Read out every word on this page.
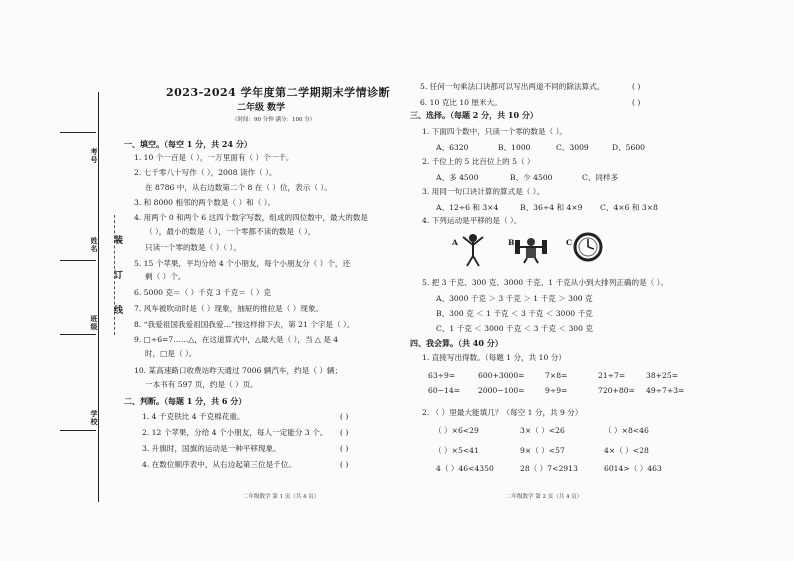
考号
姓名
班级
学校
装
订
线
2023-2024 学年度第二学期期末学情诊断
二年级 数学
（时间：90 分钟 满分：100 分）
一、填空。（每空 1 分，共 24 分）
1. 10 个一百是（ ），一万里面有（ ）个一千。
2. 七千零八十写作（ ），2008 读作（ ）。
在 8786 中，从右边数第二个 8 在（ ）位，表示（ ）。
3. 和 8000 相邻的两个数是（ ）和（ ）。
4. 用两个 0 和两个 6 这四个数字写数，组成的四位数中，最大的数是
（ ），最小的数是（ ），一个零都不读的数是（ ），
只读一个零的数是（ ）（ ）。
5. 15 个苹果，平均分给 4 个小朋友，每个小朋友分（ ）个，还
剩（ ）个。
6. 5000 克＝（ ）千克 3 千克＝（ ）克
7. 风车被吹动时是（ ）现象，抽屉的推拉是（ ）现象。
8. “我爱祖国我爱祖国我爱…”按这样排下去，第 21 个字是（ ）。
9. □÷6=7……△，在这道算式中，△最大是（ ），当 △ 是 4
时，□是（ ）。
10. 某高速路口收费站昨天通过 7006 辆汽车，约是（ ）辆；
一本书有 597 页，约是（ ）页。
二、判断。（每题 1 分，共 6 分）
1. 4 千克铁比 4 千克棉花重。	( )
2. 12 个苹果，分给 4 个小朋友，每人一定能分 3 个。 ( )
3. 升旗时，国旗的运动是一种平移现象。	( )
4. 在数位顺序表中，从右边起第三位是千位。	( )
二年级数学 第 1 页（共 4 页）
5. 任何一句乘法口诀都可以写出两道不同的除法算式。	( )
6. 10 克比 10 厘米大。	( )
三、选择。（每题 2 分，共 10 分）
1. 下面四个数中，只读一个零的数是（ ）。
A、6320	B、1000	C、3009	D、5600
2. 千位上的 5 比百位上的 5（ ）
A、多 4500	B、少 4500	C、同样多
3. 用同一句口诀计算的算式是（ ）。
A、12÷6 和 3×4	B、36÷4 和 4×9 C、4×6 和 3×8
4. 下列运动是平移的是（ ）。
A	B	C
5. 把 3 千克、300 克、3000 千克、1 千克从小到大排列正确的是（ ）。
A、3000 千克 ＞ 3 千克 ＞ 1 千克 ＞ 300 克
B、300 克 ＜ 1 千克 ＜ 3 千克 ＜ 3000 千克
C、1 千克 ＜ 3000 千克 ＜ 3 千克 ＜ 300 克
四、我会算。（共 40 分）
1. 直接写出得数。（每题 1 分，共 10 分）
63÷9=	600+3000=	7×8=	21÷7=	38+25=
60−14= 2000−100=	9÷9=	720+80= 49÷7+3=
2. （ ）里最大能填几？（每空 1 分，共 9 分）
（ ）×6<29	3×（ ）<26	（ ）×8<46
（ ）×5<41	9×（ ）<57	4×（ ）<28
4（ ）46<4350	28（ ）7<2913	6014>（ ）463
二年级数学 第 2 页（共 4 页）
